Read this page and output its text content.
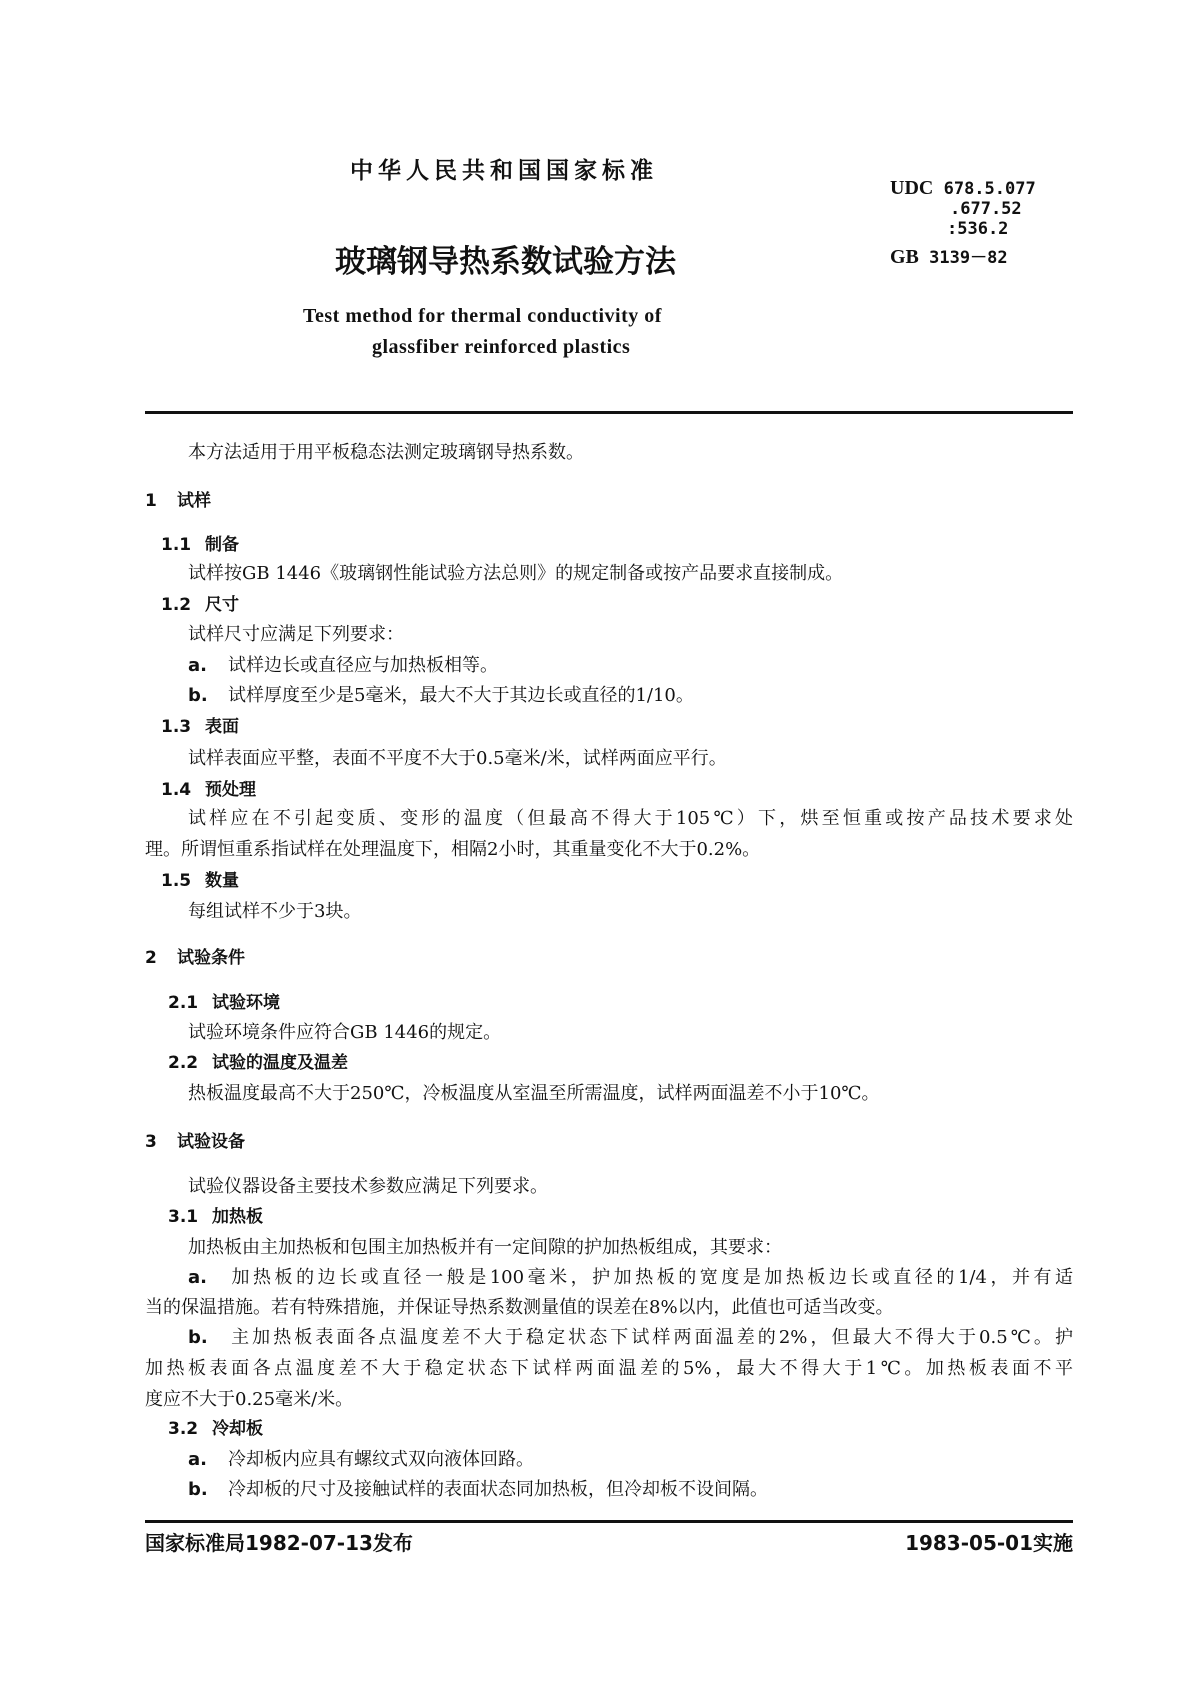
中华人民共和国国家标准
UDC 678.5.077
.677.52
:536.2
GB 3139－82
玻璃钢导热系数试验方法
Test method for thermal conductivity of
glassfiber reinforced plastics
本方法适用于用平板稳态法测定玻璃钢导热系数。
1 试样
1.1 制备
试样按GB 1446《玻璃钢性能试验方法总则》的规定制备或按产品要求直接制成。
1.2 尺寸
试样尺寸应满足下列要求：
a. 试样边长或直径应与加热板相等。
b. 试样厚度至少是5毫米，最大不大于其边长或直径的1/10。
1.3 表面
试样表面应平整，表面不平度不大于0.5毫米/米，试样两面应平行。
1.4 预处理
试样应在不引起变质、变形的温度（但最高不得大于105℃）下，烘至恒重或按产品技术要求处
理。所谓恒重系指试样在处理温度下，相隔2小时，其重量变化不大于0.2%。
1.5 数量
每组试样不少于3块。
2 试验条件
2.1 试验环境
试验环境条件应符合GB 1446的规定。
2.2 试验的温度及温差
热板温度最高不大于250℃，冷板温度从室温至所需温度，试样两面温差不小于10℃。
3 试验设备
试验仪器设备主要技术参数应满足下列要求。
3.1 加热板
加热板由主加热板和包围主加热板并有一定间隙的护加热板组成，其要求：
a. 加热板的边长或直径一般是100毫米，护加热板的宽度是加热板边长或直径的1/4，并有适
当的保温措施。若有特殊措施，并保证导热系数测量值的误差在8%以内，此值也可适当改变。
b. 主加热板表面各点温度差不大于稳定状态下试样两面温差的2%，但最大不得大于0.5℃。护
加热板表面各点温度差不大于稳定状态下试样两面温差的5%，最大不得大于1℃。加热板表面不平
度应不大于0.25毫米/米。
3.2 冷却板
a. 冷却板内应具有螺纹式双向液体回路。
b. 冷却板的尺寸及接触试样的表面状态同加热板，但冷却板不设间隔。
国家标准局1982-07-13发布	1983-05-01实施
